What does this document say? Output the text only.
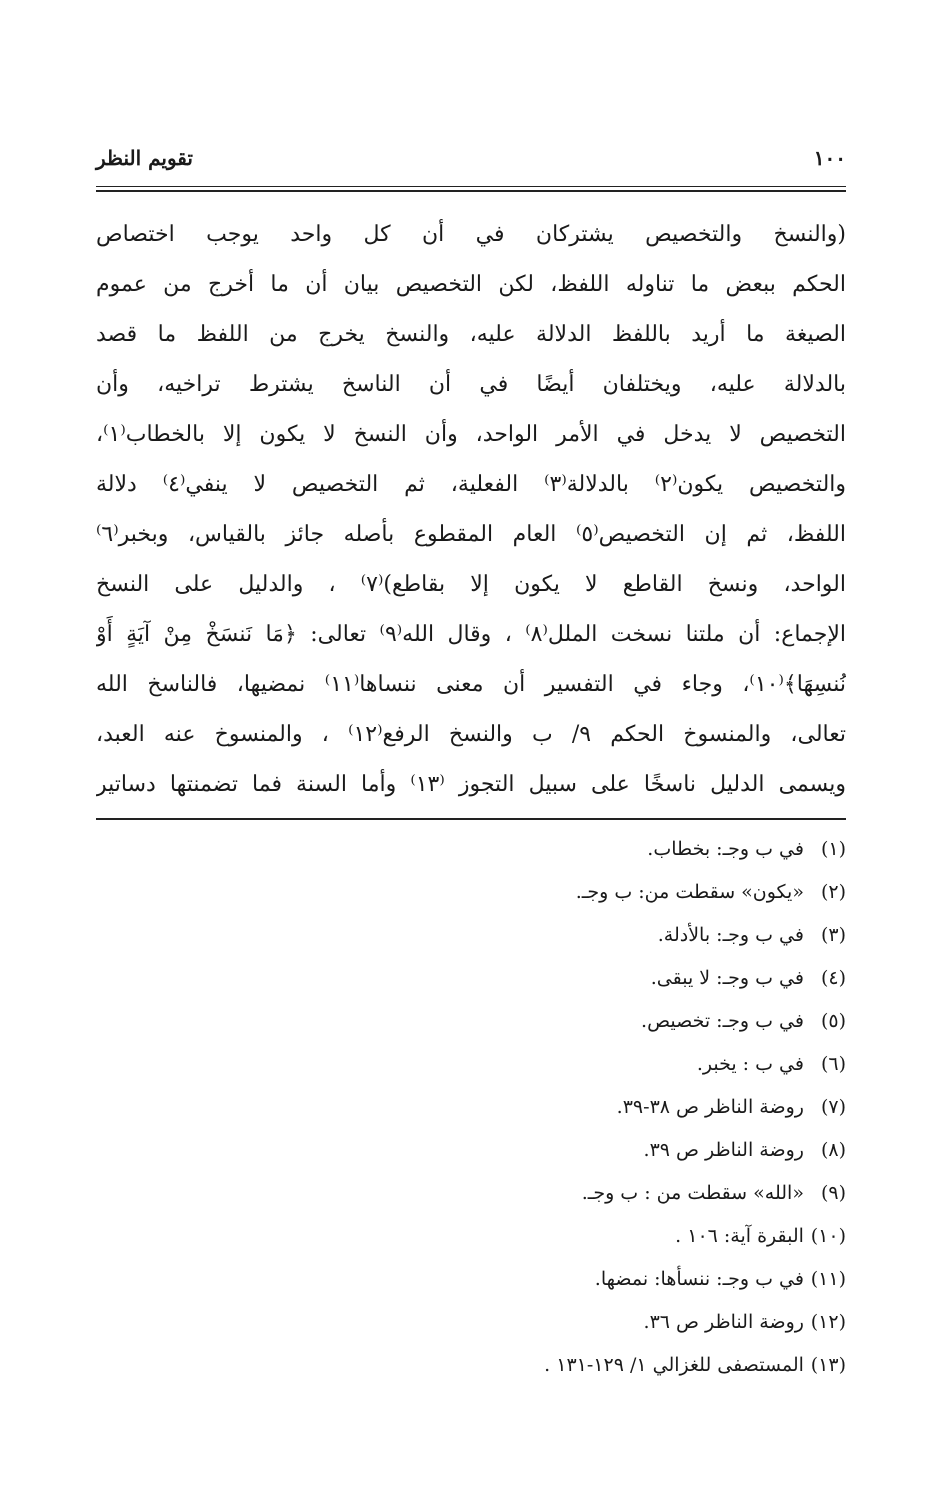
١٠٠
تقويم النظر
(والنسخ والتخصيص يشتركان في أن كل واحد يوجب اختصاص
الحكم ببعض ما تناوله اللفظ، لكن التخصيص بيان أن ما أخرج من عموم
الصيغة ما أريد باللفظ الدلالة عليه، والنسخ يخرج من اللفظ ما قصد
بالدلالة عليه، ويختلفان أيضًا في أن الناسخ يشترط تراخيه، وأن
التخصيص لا يدخل في الأمر الواحد، وأن النسخ لا يكون إلا بالخطاب⁽١⁾،
والتخصيص يكون⁽٢⁾ بالدلالة⁽٣⁾ الفعلية، ثم التخصيص لا ينفي⁽٤⁾ دلالة
اللفظ، ثم إن التخصيص⁽٥⁾ العام المقطوع بأصله جائز بالقياس، وبخبر⁽٦⁾
الواحد، ونسخ القاطع لا يكون إلا بقاطع)⁽٧⁾ ، والدليل على النسخ
الإجماع: أن ملتنا نسخت الملل⁽٨⁾ ، وقال الله⁽٩⁾ تعالى: ﴿مَا نَنسَخْ مِنْ آيَةٍ أَوْ
نُنسِهَا﴾⁽١٠⁾، وجاء في التفسير أن معنى ننساها⁽١١⁾ نمضيها، فالناسخ الله
تعالى، والمنسوخ الحكم ٩/ ب والنسخ الرفع⁽١٢⁾ ، والمنسوخ عنه العبد،
ويسمى الدليل ناسخًا على سبيل التجوز ⁽١٣⁾ وأما السنة فما تضمنتها دساتير
(١) في ب وجـ: بخطاب.
(٢) «يكون» سقطت من: ب وجـ.
(٣) في ب وجـ: بالأدلة.
(٤) في ب وجـ: لا يبقى.
(٥) في ب وجـ: تخصيص.
(٦) في ب : يخبر.
(٧) روضة الناظر ص ٣٨-٣٩.
(٨) روضة الناظر ص ٣٩.
(٩) «الله» سقطت من : ب وجـ.
(١٠) البقرة آية: ١٠٦ .
(١١) في ب وجـ: ننسأها: نمضها.
(١٢) روضة الناظر ص ٣٦.
(١٣) المستصفى للغزالي ١/ ١٢٩-١٣١ .
